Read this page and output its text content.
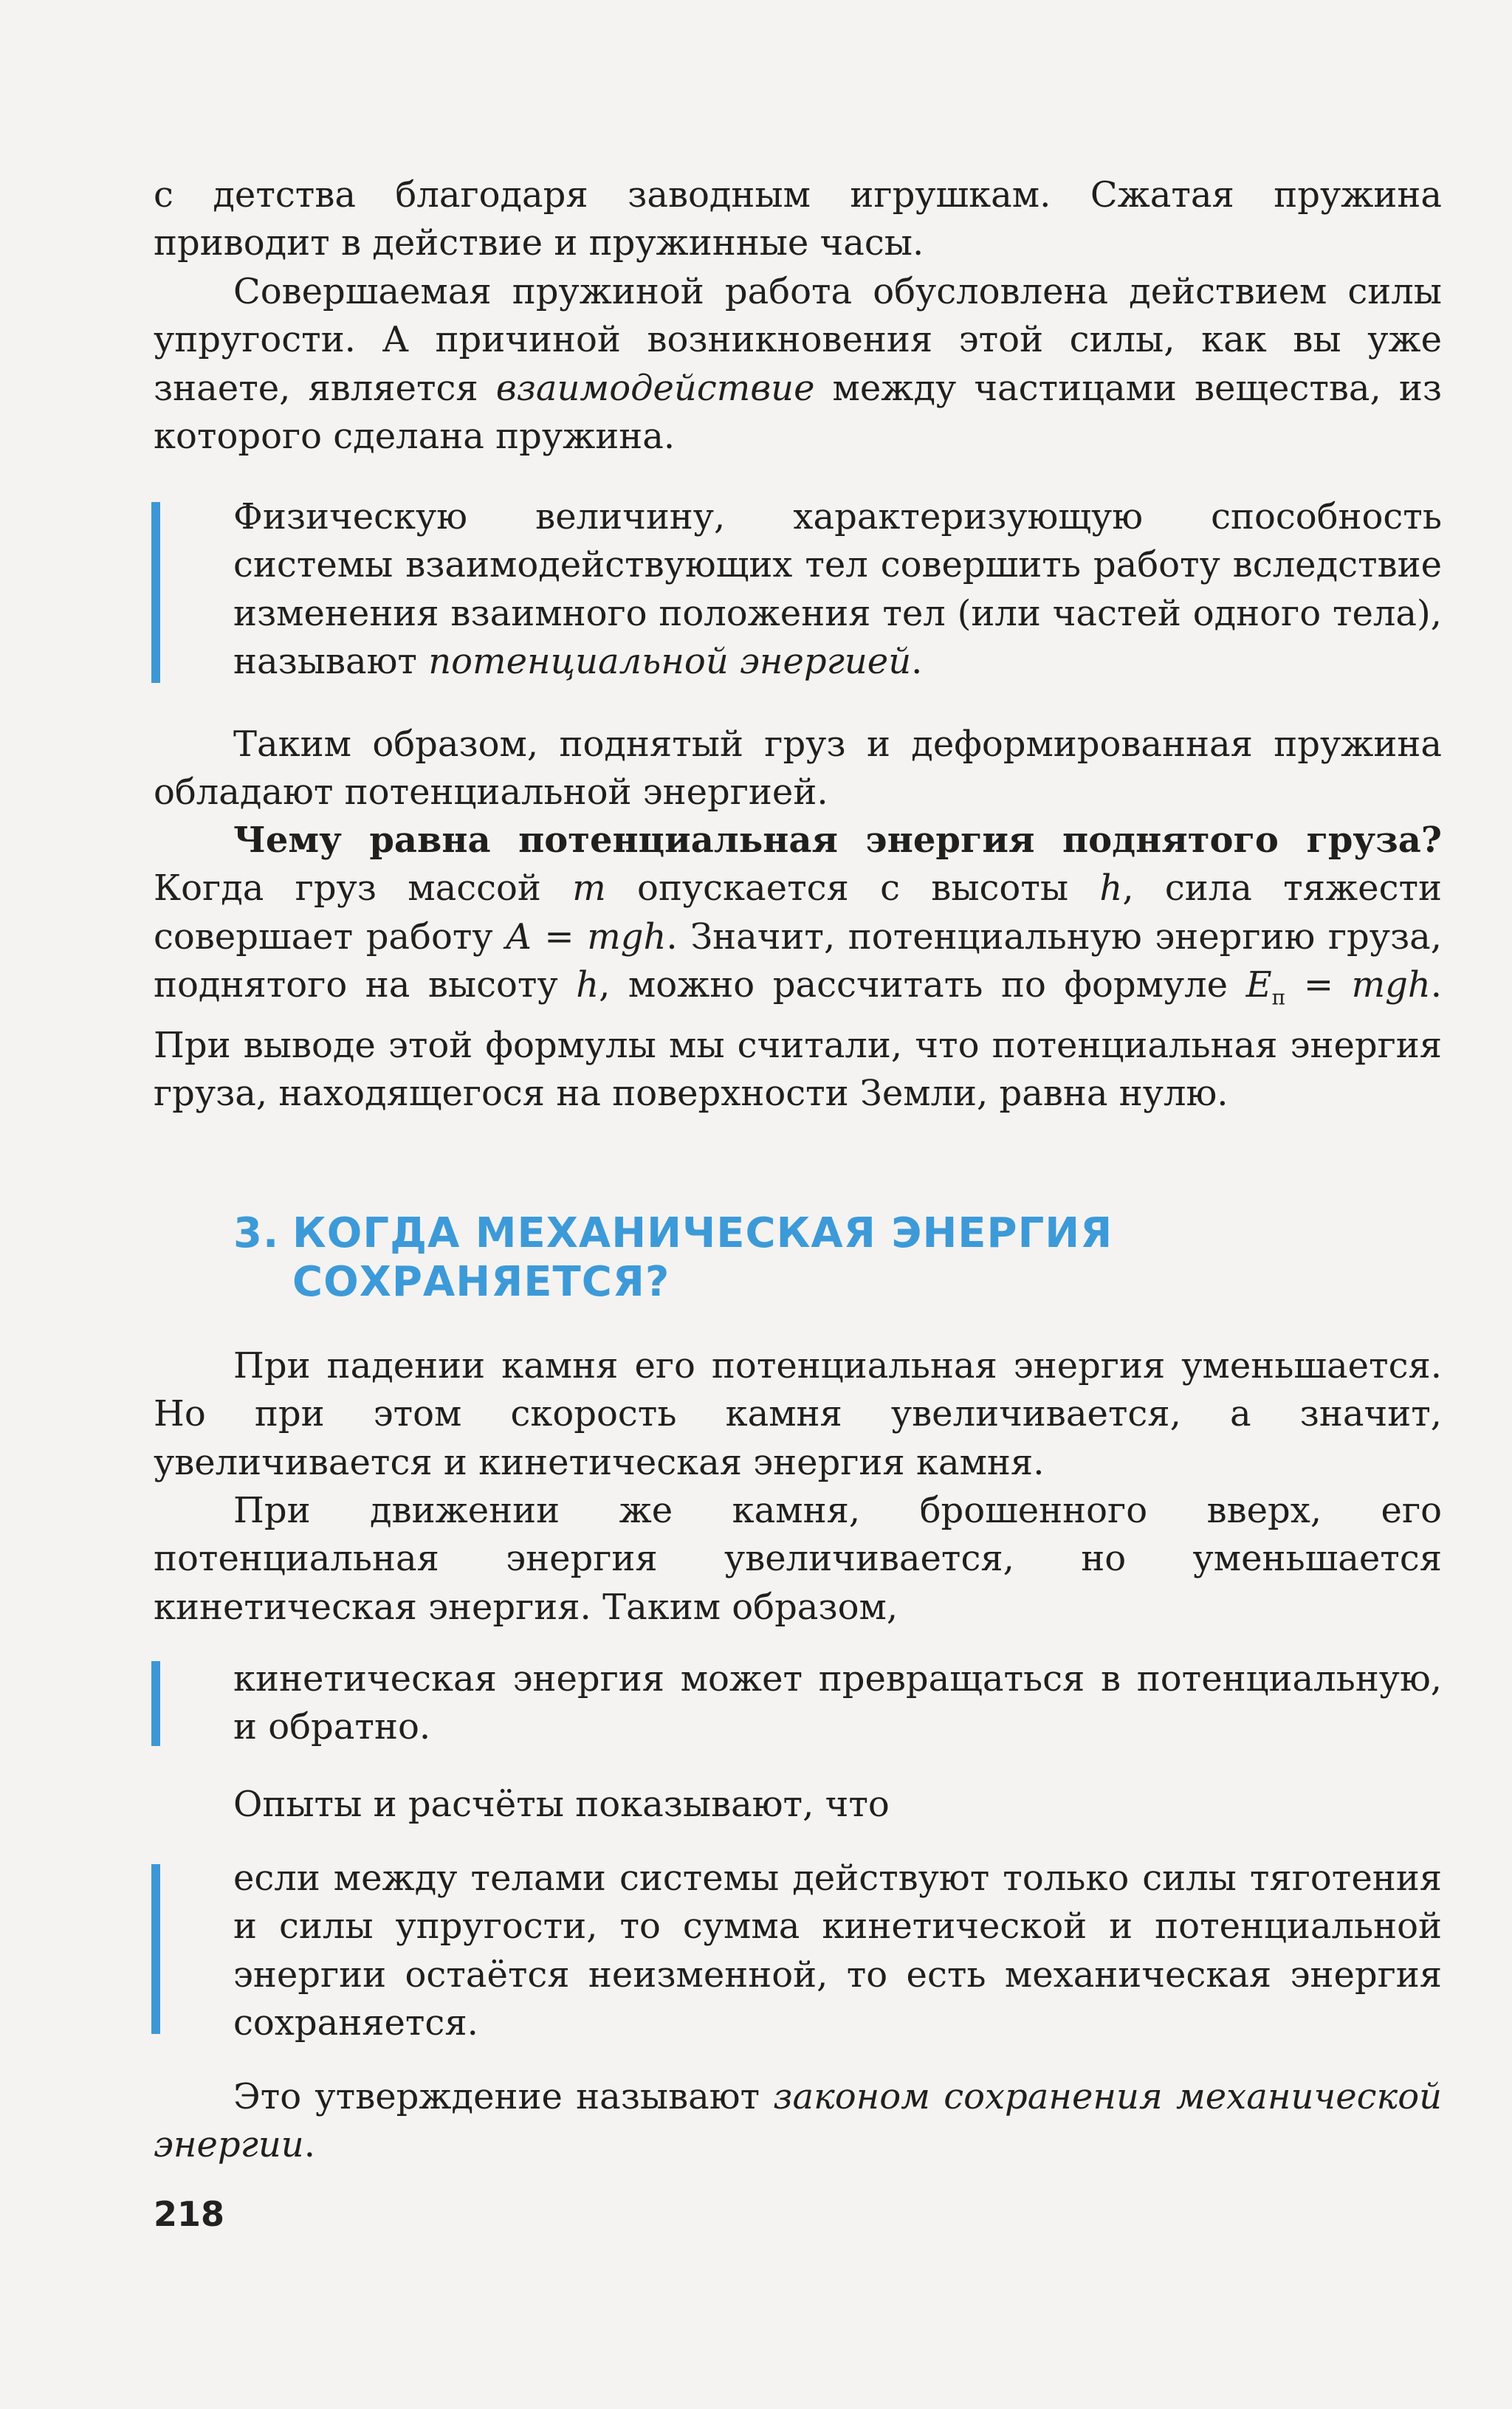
с детства благодаря заводным игрушкам. Сжатая пружина приводит в действие и пружинные часы.

Совершаемая пружиной работа обусловлена действием силы упругости. А причиной возникновения этой силы, как вы уже знаете, является взаимодействие между частицами вещества, из которого сделана пружина.

Физическую величину, характеризующую способность системы взаимодействующих тел совершить работу вследствие изменения взаимного положения тел (или частей одного тела), называют потенциальной энергией.

Таким образом, поднятый груз и деформированная пружина обладают потенциальной энергией.

Чему равна потенциальная энергия поднятого груза? Когда груз массой m опускается с высоты h, сила тяжести совершает работу A = mgh. Значит, потенциальную энергию груза, поднятого на высоту h, можно рассчитать по формуле $E_п$ = mgh. При выводе этой формулы мы считали, что потенциальная энергия груза, находящегося на поверхности Земли, равна нулю.

3. КОГДА МЕХАНИЧЕСКАЯ ЭНЕРГИЯ
СОХРАНЯЕТСЯ?

При падении камня его потенциальная энергия уменьшается. Но при этом скорость камня увеличивается, а значит, увеличивается и кинетическая энергия камня.

При движении же камня, брошенного вверх, его потенциальная энергия увеличивается, но уменьшается кинетическая энергия. Таким образом,

кинетическая энергия может превращаться в потенциальную, и обратно.

Опыты и расчёты показывают, что

если между телами системы действуют только силы тяготения и силы упругости, то сумма кинетической и потенциальной энергии остаётся неизменной, то есть механическая энергия сохраняется.

Это утверждение называют законом сохранения механической энергии.

218
